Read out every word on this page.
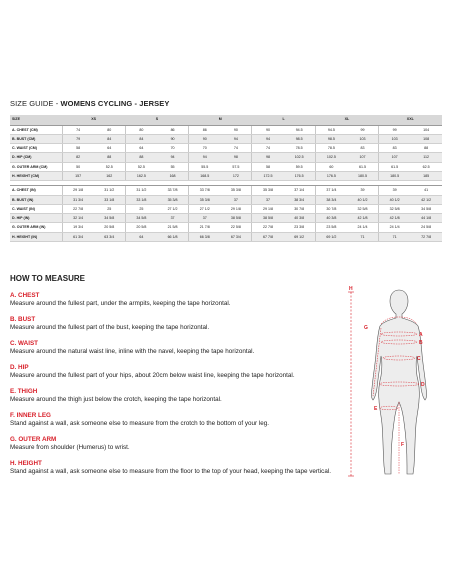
SIZE GUIDE - WOMENS CYCLING - JERSEY
SIZE	XS		S		M		L		XL		XXL	
A. CHEST (CM)	74	80	80	86	86	90	90	94.5	94.5	99	99	104
B. BUST (CM)	79	84	84	90	90	94	94	98.5	98.5	103	103	108
C. WAIST (CM)	58	64	64	70	70	74	74	78.5	78.5	83	83	88
D. HIP (CM)	82	88	88	94	94	98	98	102.5	102.5	107	107	112
G. OUTER ARM (CM)	50	52.5	52.5	55	55.5	57.5	58	59.5	60	61.5	61.5	62.5
H. HEIGHT (CM)	157	162	162.5	168	168.5	172	172.5	176.5	176.5	180.5	180.5	185

A. CHEST (IN)	29 1/8	31 1/2	31 1/2	33 7/8	33 7/8	35 3/8	35 3/8	37 1/4	37 1/4	39	39	41
B. BUST (IN)	31 3/4	33 1/8	33 1/8	35 3/8	35 3/8	37	37	38 3/4	38 3/4	40 1/2	40 1/2	42 1/2
C. WAIST (IN)	22 7/8	25	25	27 1/2	27 1/2	29 1/8	29 1/8	30 7/8	30 7/8	32 5/8	32 5/8	34 5/8
D. HIP (IN)	32 1/4	34 5/8	34 5/8	37	37	38 5/8	38 5/8	40 3/8	40 3/8	42 1/8	42 1/8	44 1/8
G. OUTER ARM (IN)	19 3/4	20 5/8	20 5/8	21 5/8	21 7/8	22 5/8	22 7/8	23 3/8	23 5/8	24 1/4	24 1/4	24 5/8
H. HEIGHT (IN)	61 3/4	63 3/4	64	66 1/8	66 3/8	67 3/4	67 7/8	69 1/2	69 1/2	71	71	72 7/8
HOW TO MEASURE
A. CHEST
Measure around the fullest part, under the armpits, keeping the tape horizontal.
B. BUST
Measure around the fullest part of the bust, keeping the tape horizontal.
C. WAIST
Measure around the natural waist line, inline with the navel, keeping the tape horizontal.
D. HIP
Measure around the fullest part of your hips, about 20cm below waist line, keeping the tape horizontal.
E. THIGH
Measure around the thigh just below the crotch, keeping the tape horizontal.
F. INNER LEG
Stand against a wall, ask someone else to measure from the crotch to the bottom of your leg.
G. OUTER ARM
Measure from shoulder (Humerus) to wrist.
H. HEIGHT
Stand against a wall, ask someone else to measure from the floor to the top of your head, keeping the tape vertical.
H
G
A
B
C
D
E
F
